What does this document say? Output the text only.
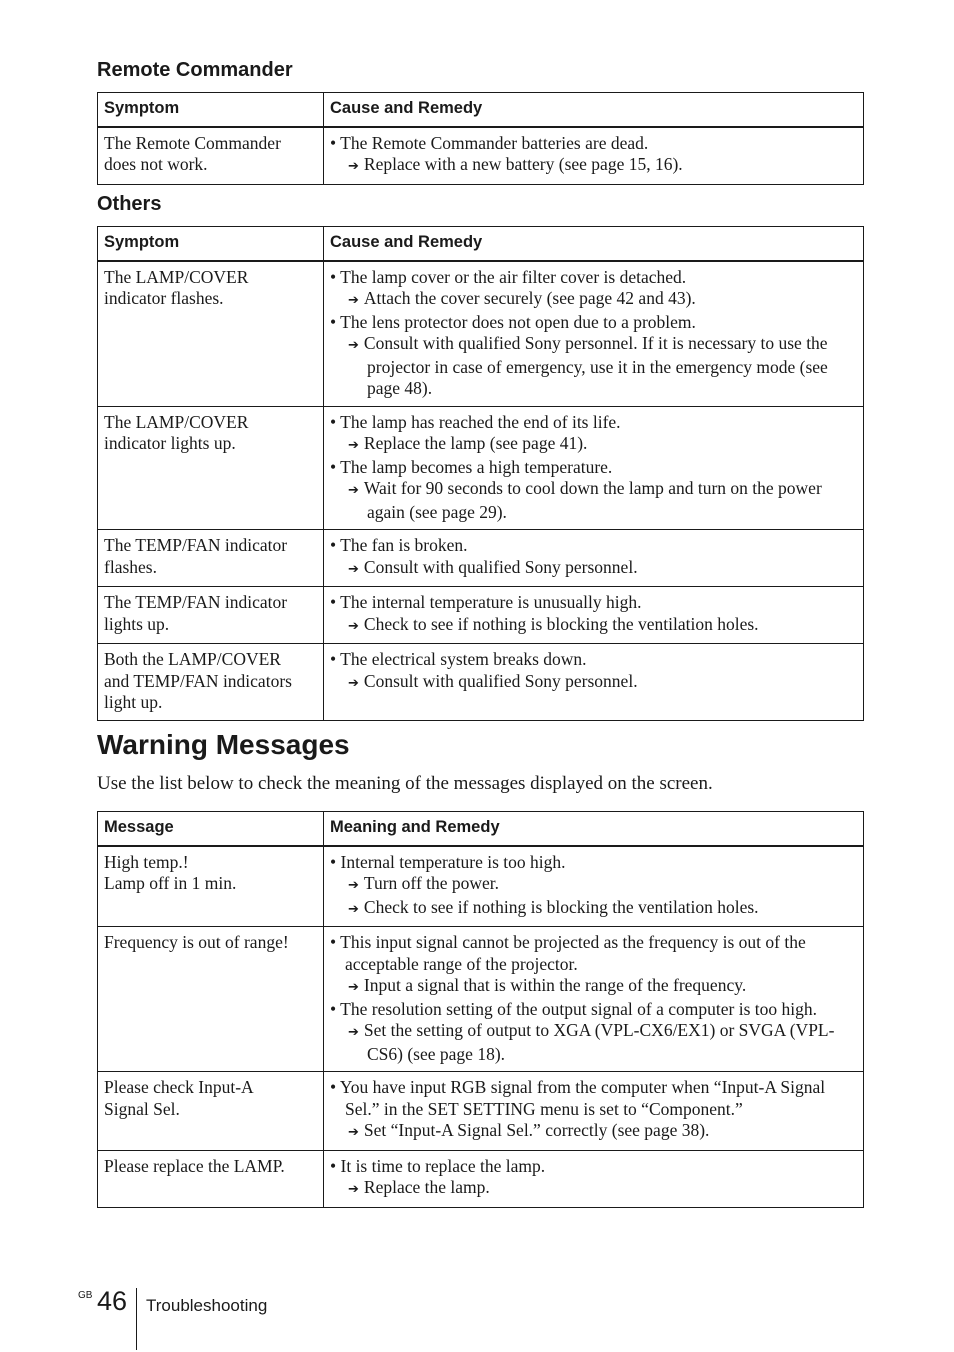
Remote Commander
Symptom	Cause and Remedy

The Remote Commander
does not work.	• The Remote Commander batteries are dead.
➔ Replace with a new battery (see page 15, 16).
Others
Symptom	Cause and Remedy

The LAMP/COVER
indicator flashes.	• The lamp cover or the air filter cover is detached.
➔ Attach the cover securely (see page 42 and 43).
• The lens protector does not open due to a problem.
➔ Consult with qualified Sony personnel. If it is necessary to use the projector in case of emergency, use it in the emergency mode (see page 48).

The LAMP/COVER
indicator lights up.	• The lamp has reached the end of its life.
➔ Replace the lamp (see page 41).
• The lamp becomes a high temperature.
➔ Wait for 90 seconds to cool down the lamp and turn on the power again (see page 29).

The TEMP/FAN indicator
flashes.	• The fan is broken.
➔ Consult with qualified Sony personnel.

The TEMP/FAN indicator
lights up.	• The internal temperature is unusually high.
➔ Check to see if nothing is blocking the ventilation holes.

Both the LAMP/COVER
and TEMP/FAN indicators
light up.	• The electrical system breaks down.
➔ Consult with qualified Sony personnel.
Warning Messages

Use the list below to check the meaning of the messages displayed on the screen.

Message	Meaning and Remedy

High temp.!
Lamp off in 1 min.	• Internal temperature is too high.
➔ Turn off the power.
➔ Check to see if nothing is blocking the ventilation holes.

Frequency is out of range!	• This input signal cannot be projected as the frequency is out of the acceptable range of the projector.
➔ Input a signal that is within the range of the frequency.
• The resolution setting of the output signal of a computer is too high.
➔ Set the setting of output to XGA (VPL-CX6/EX1) or SVGA (VPL-CS6) (see page 18).

Please check Input-A
Signal Sel.	• You have input RGB signal from the computer when “Input-A Signal Sel.” in the SET SETTING menu is set to “Component.”
➔ Set “Input-A Signal Sel.” correctly (see page 38).

Please replace the LAMP.	• It is time to replace the lamp.
➔ Replace the lamp.
GB 46 Troubleshooting
